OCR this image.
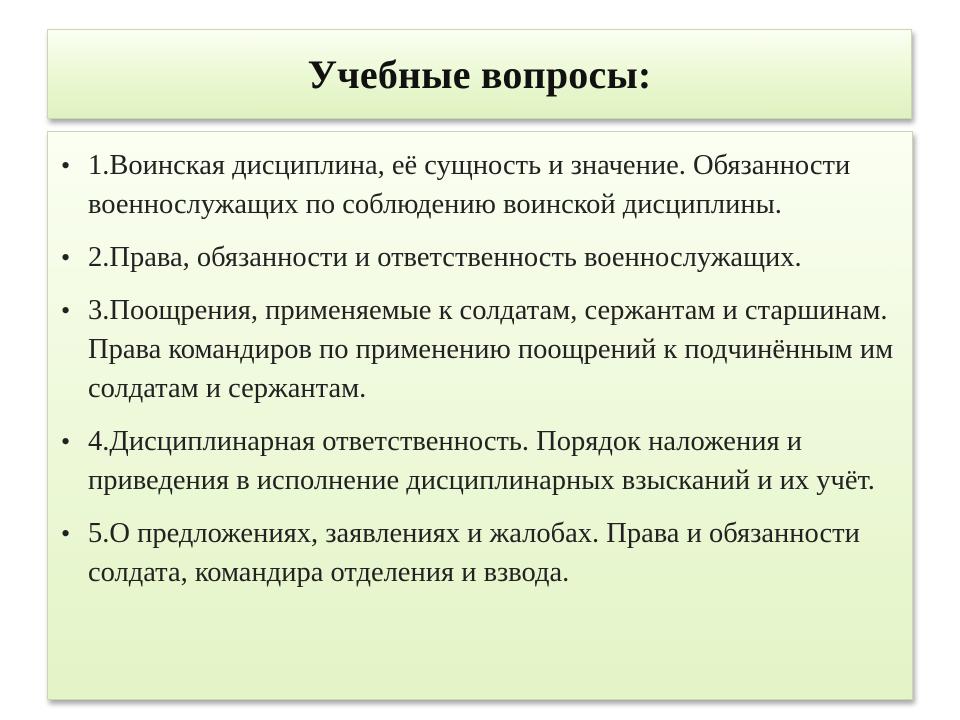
Учебные вопросы:
• 1.Воинская дисциплина, её сущность и значение. Обязанности военнослужащих по соблюдению воинской дисциплины.
• 2.Права, обязанности и ответственность военнослужащих.
• 3.Поощрения, применяемые к солдатам, сержантам и старшинам. Права командиров по применению поощрений к подчинённым им солдатам и сержантам.
• 4.Дисциплинарная ответственность. Порядок наложения и приведения в исполнение дисциплинарных взысканий и их учёт.
• 5.О предложениях, заявлениях и жалобах. Права и обязанности солдата, командира отделения и взвода.
